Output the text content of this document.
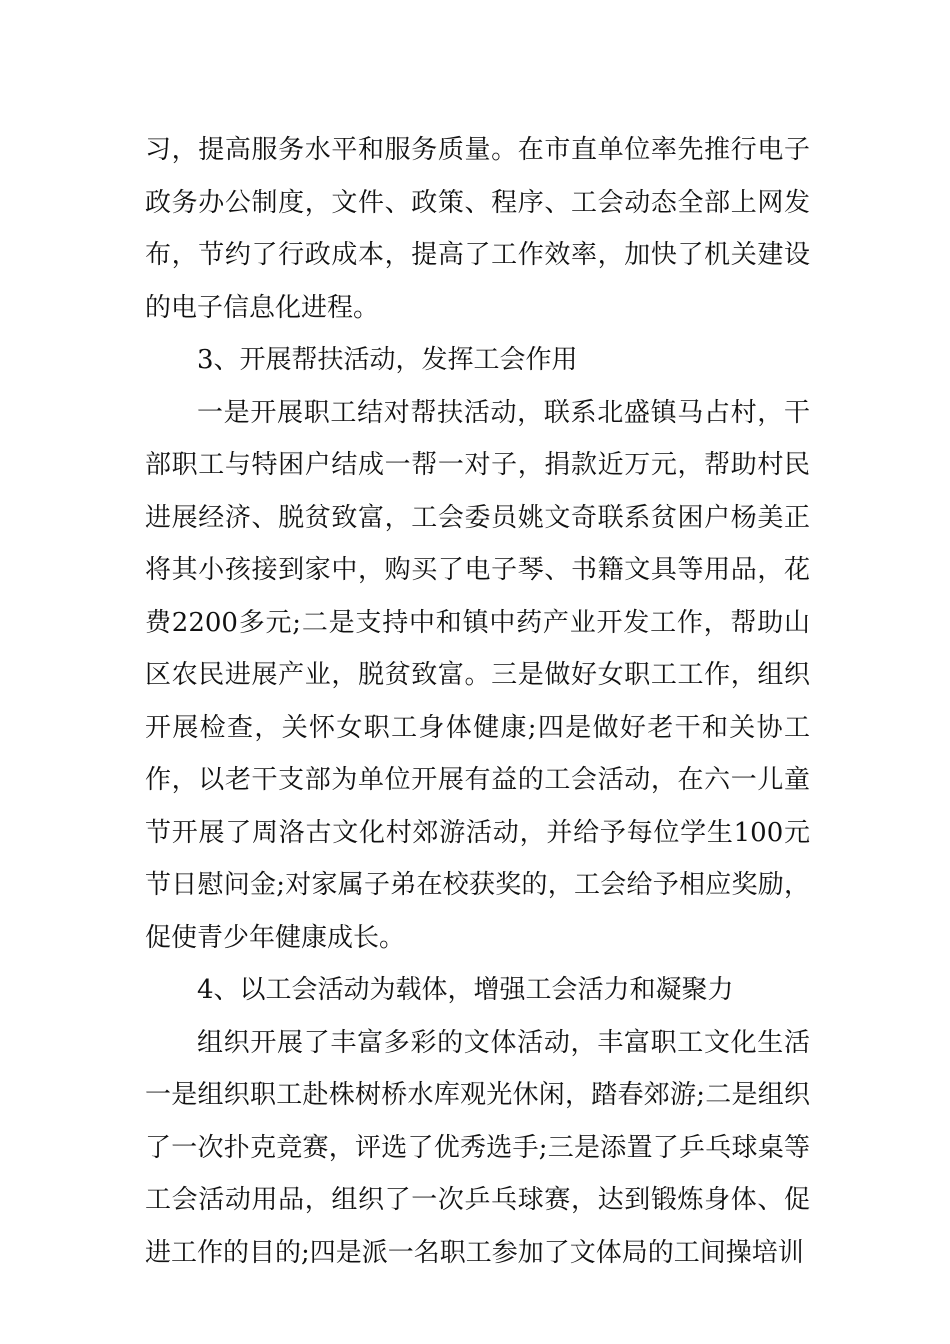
习，提高服务水平和服务质量。在市直单位率先推行电子政务办公制度，文件、政策、程序、工会动态全部上网发布，节约了行政成本，提高了工作效率，加快了机关建设的电子信息化进程。

3、开展帮扶活动，发挥工会作用

一是开展职工结对帮扶活动，联系北盛镇马占村，干部职工与特困户结成一帮一对子，捐款近万元，帮助村民进展经济、脱贫致富，工会委员姚文奇联系贫困户杨美正将其小孩接到家中，购买了电子琴、书籍文具等用品，花费2200多元;二是支持中和镇中药产业开发工作，帮助山区农民进展产业，脱贫致富。三是做好女职工工作，组织开展检查，关怀女职工身体健康;四是做好老干和关协工作，以老干支部为单位开展有益的工会活动，在六一儿童节开展了周洛古文化村郊游活动，并给予每位学生100元节日慰问金;对家属子弟在校获奖的，工会给予相应奖励，促使青少年健康成长。

4、以工会活动为载体，增强工会活力和凝聚力

组织开展了丰富多彩的文体活动，丰富职工文化生活一是组织职工赴株树桥水库观光休闲，踏春郊游;二是组织了一次扑克竞赛，评选了优秀选手;三是添置了乒乓球桌等工会活动用品，组织了一次乒乓球赛，达到锻炼身体、促进工作的目的;四是派一名职工参加了文体局的工间操培训
